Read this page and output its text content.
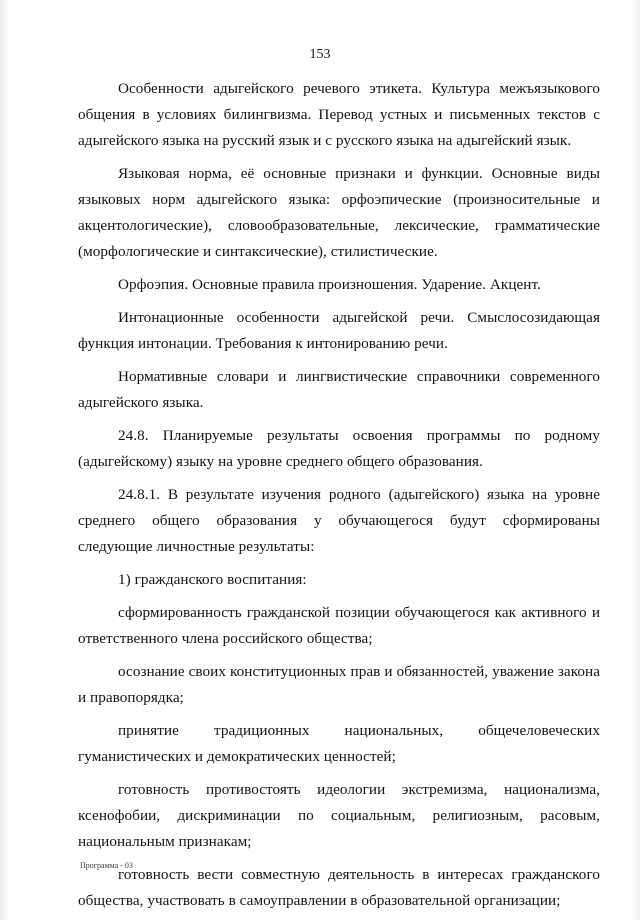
153

Особенности адыгейского речевого этикета. Культура межъязыкового общения в условиях билингвизма. Перевод устных и письменных текстов с адыгейского языка на русский язык и с русского языка на адыгейский язык.

Языковая норма, её основные признаки и функции. Основные виды языковых норм адыгейского языка: орфоэпические (произносительные и акцентологические), словообразовательные, лексические, грамматические (морфологические и синтаксические), стилистические.

Орфоэпия. Основные правила произношения. Ударение. Акцент.

Интонационные особенности адыгейской речи. Смыслосозидающая функция интонации. Требования к интонированию речи.

Нормативные словари и лингвистические справочники современного адыгейского языка.

24.8. Планируемые результаты освоения программы по родному (адыгейскому) языку на уровне среднего общего образования.

24.8.1. В результате изучения родного (адыгейского) языка на уровне среднего общего образования у обучающегося будут сформированы следующие личностные результаты:

1) гражданского воспитания:

сформированность гражданской позиции обучающегося как активного и ответственного члена российского общества;

осознание своих конституционных прав и обязанностей, уважение закона и правопорядка;

принятие традиционных национальных, общечеловеческих гуманистических и демократических ценностей;

готовность противостоять идеологии экстремизма, национализма, ксенофобии, дискриминации по социальным, религиозным, расовым, национальным признакам;

готовность вести совместную деятельность в интересах гражданского общества, участвовать в самоуправлении в образовательной организации;

Программа - 03
